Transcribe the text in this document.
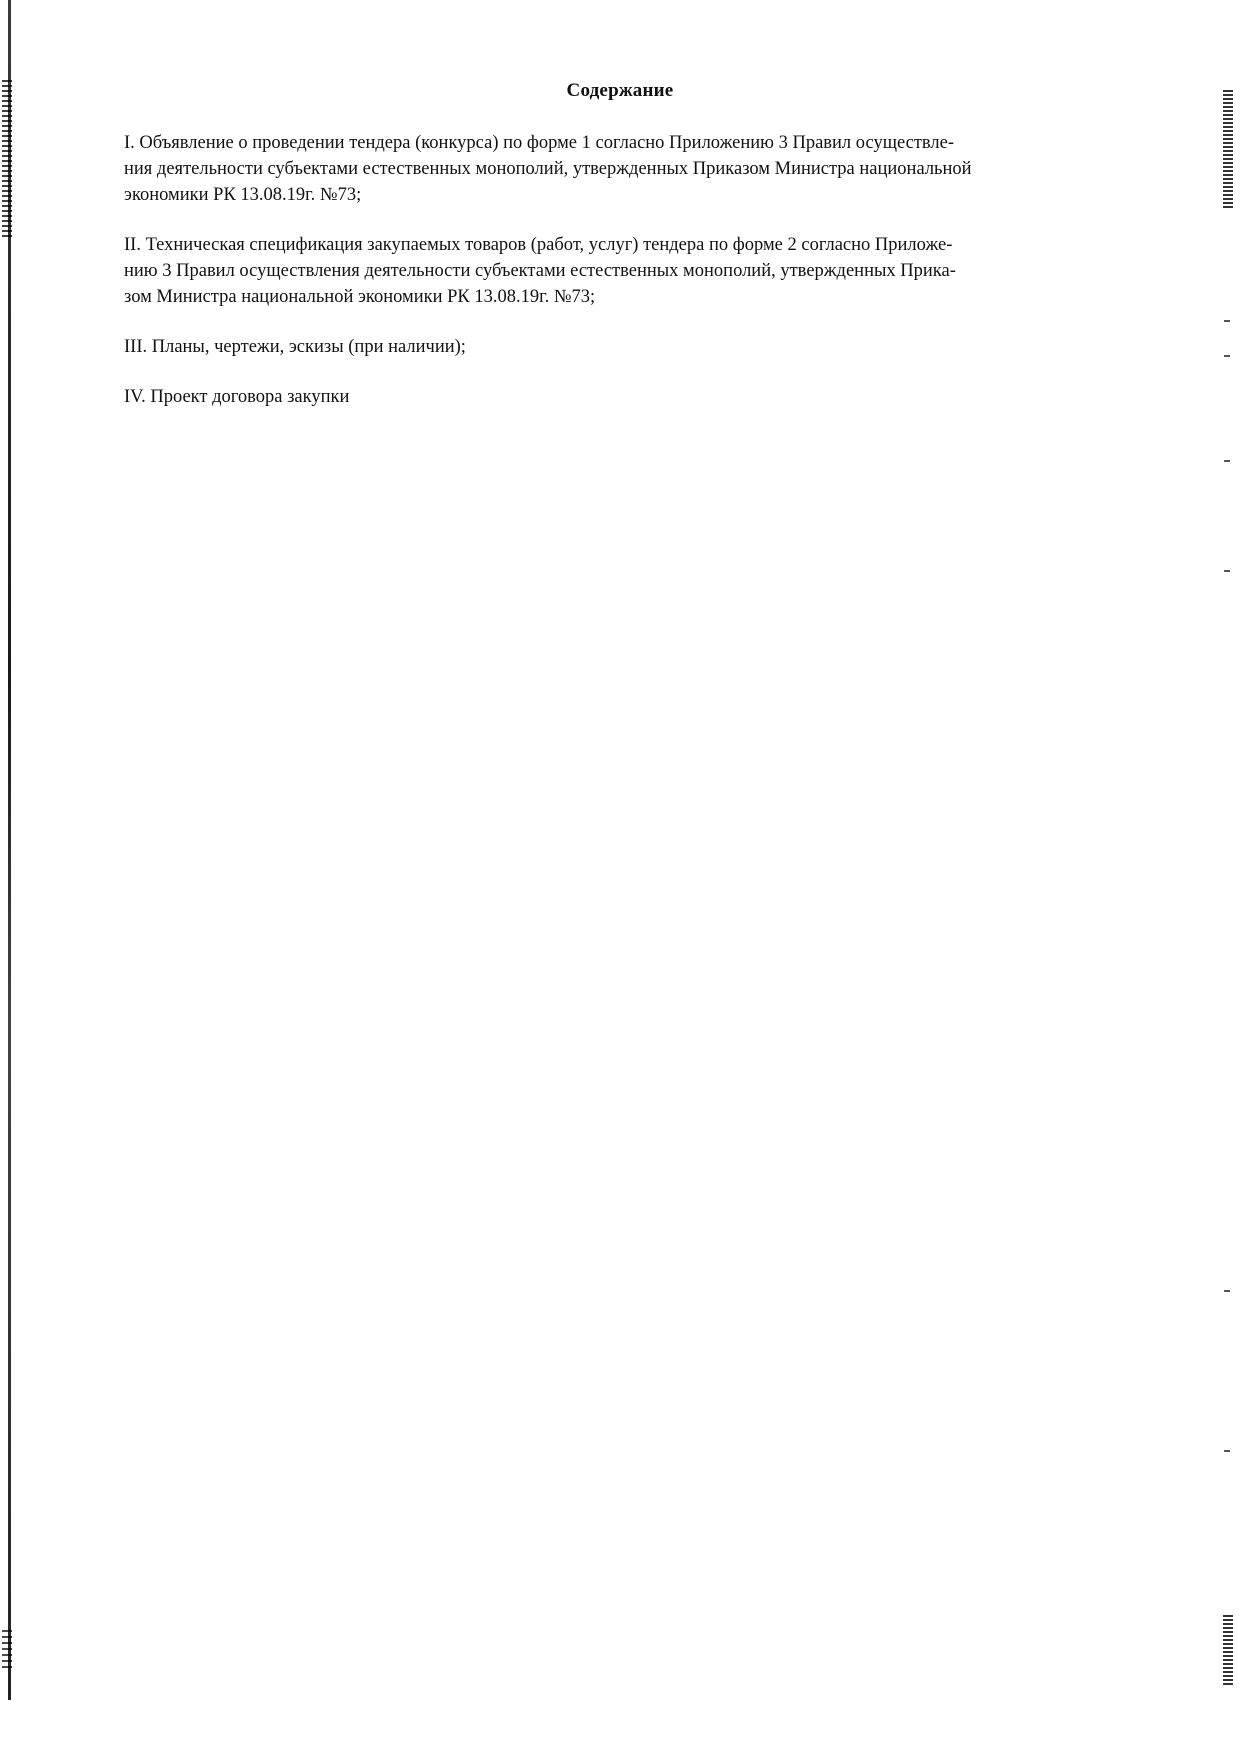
Содержание

I. Объявление о проведении тендера (конкурса) по форме 1 согласно Приложению 3 Правил осуществле-
ния деятельности субъектами естественных монополий, утвержденных Приказом Министра национальной
экономики РК 13.08.19г. №73;

II. Техническая спецификация закупаемых товаров (работ, услуг) тендера по форме 2 согласно Приложе-
нию 3 Правил осуществления деятельности субъектами естественных монополий, утвержденных Прика-
зом Министра национальной экономики РК 13.08.19г. №73;

III. Планы, чертежи, эскизы (при наличии);

IV. Проект договора закупки
